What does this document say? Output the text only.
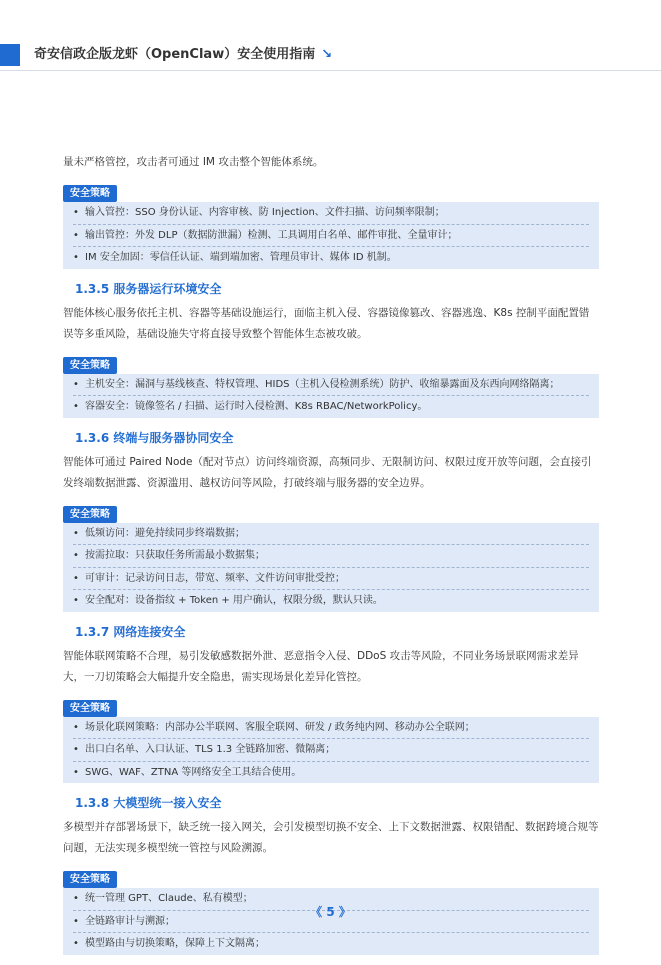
奇安信政企版龙虾（OpenClaw）安全使用指南 ↘

量未严格管控，攻击者可通过 IM 攻击整个智能体系统。

安全策略
• 输入管控：SSO 身份认证、内容审核、防 Injection、文件扫描、访问频率限制；
• 输出管控：外发 DLP（数据防泄漏）检测、工具调用白名单、邮件审批、全量审计；
• IM 安全加固：零信任认证、端到端加密、管理员审计、媒体 ID 机制。
1.3.5 服务器运行环境安全

智能体核心服务依托主机、容器等基础设施运行，面临主机入侵、容器镜像篡改、容器逃逸、K8s 控制平面配置错误等多重风险，基础设施失守将直接导致整个智能体生态被攻破。

安全策略
• 主机安全：漏洞与基线核查、特权管理、HIDS（主机入侵检测系统）防护、收缩暴露面及东西向网络隔离；
• 容器安全：镜像签名 / 扫描、运行时入侵检测、K8s RBAC/NetworkPolicy。
1.3.6 终端与服务器协同安全

智能体可通过 Paired Node（配对节点）访问终端资源，高频同步、无限制访问、权限过度开放等问题，会直接引发终端数据泄露、资源滥用、越权访问等风险，打破终端与服务器的安全边界。

安全策略
• 低频访问：避免持续同步终端数据；
• 按需拉取：只获取任务所需最小数据集；
• 可审计：记录访问日志，带宽、频率、文件访问审批受控；
• 安全配对：设备指纹 + Token + 用户确认，权限分级，默认只读。
1.3.7 网络连接安全

智能体联网策略不合理，易引发敏感数据外泄、恶意指令入侵、DDoS 攻击等风险，不同业务场景联网需求差异大，一刀切策略会大幅提升安全隐患，需实现场景化差异化管控。

安全策略
• 场景化联网策略：内部办公半联网、客服全联网、研发 / 政务纯内网、移动办公全联网；
• 出口白名单、入口认证、TLS 1.3 全链路加密、微隔离；
• SWG、WAF、ZTNA 等网络安全工具结合使用。
1.3.8 大模型统一接入安全

多模型并存部署场景下，缺乏统一接入网关，会引发模型切换不安全、上下文数据泄露、权限错配、数据跨境合规等问题，无法实现多模型统一管控与风险溯源。

安全策略
• 统一管理 GPT、Claude、私有模型；
• 全链路审计与溯源；
• 模型路由与切换策略，保障上下文隔离；
《 5 》
